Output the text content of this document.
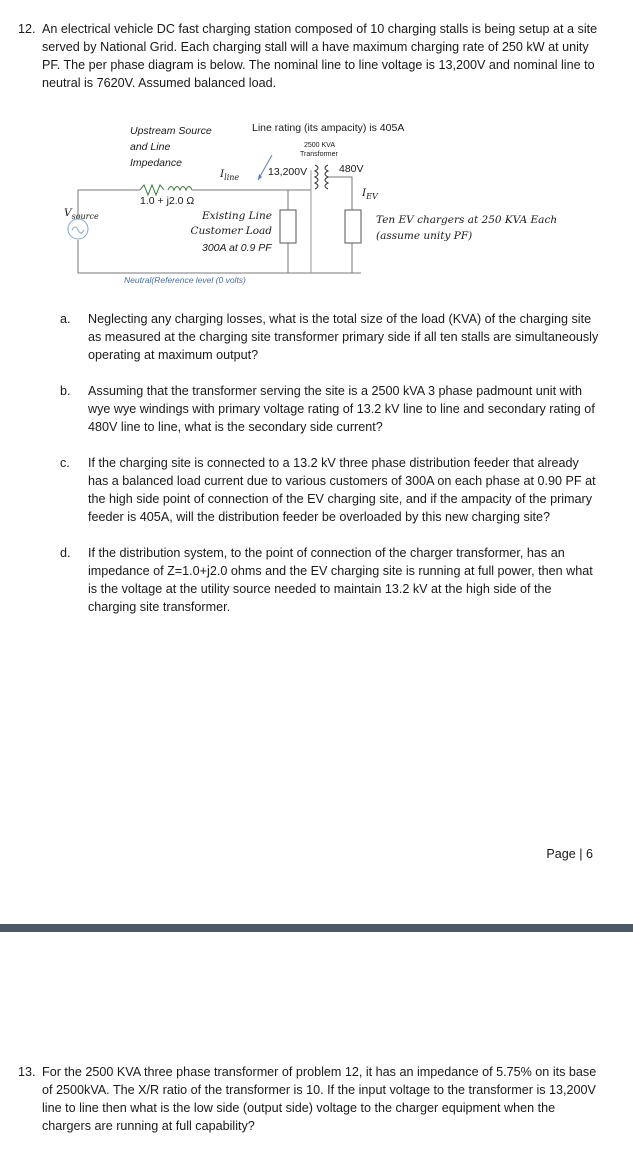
12. An electrical vehicle DC fast charging station composed of 10 charging stalls is being setup at a site served by National Grid. Each charging stall will a have maximum charging rate of 250 kW at unity PF. The per phase diagram is below. The nominal line to line voltage is 13,200V and nominal line to neutral is 7620V. Assumed balanced load.
Upstream Source
and Line
Impedance
Line rating (its ampacity) is 405A
2500 KVA
Transformer
$I_{line}$	13,200V	480V
$I_{EV}$
1.0 + j2.0 Ω
$V_{source}$	Existing Line
Customer Load
300A at 0.9 PF
Ten EV chargers at 250 KVA Each
(assume unity PF)
Neutral(Reference level (0 volts)
a.	Neglecting any charging losses, what is the total size of the load (KVA) of the charging site as measured at the charging site transformer primary side if all ten stalls are simultaneously operating at maximum output?
b.	Assuming that the transformer serving the site is a 2500 kVA 3 phase padmount unit with wye wye windings with primary voltage rating of 13.2 kV line to line and secondary rating of 480V line to line, what is the secondary side current?
c.	If the charging site is connected to a 13.2 kV three phase distribution feeder that already has a balanced load current due to various customers of 300A on each phase at 0.90 PF at the high side point of connection of the EV charging site, and if the ampacity of the primary feeder is 405A, will the distribution feeder be overloaded by this new charging site?
d.	If the distribution system, to the point of connection of the charger transformer, has an impedance of Z=1.0+j2.0 ohms and the EV charging site is running at full power, then what is the voltage at the utility source needed to maintain 13.2 kV at the high side of the charging site transformer.
Page | 6
13. For the 2500 KVA three phase transformer of problem 12, it has an impedance of 5.75% on its base of 2500kVA. The X/R ratio of the transformer is 10. If the input voltage to the transformer is 13,200V line to line then what is the low side (output side) voltage to the charger equipment when the chargers are running at full capability?
